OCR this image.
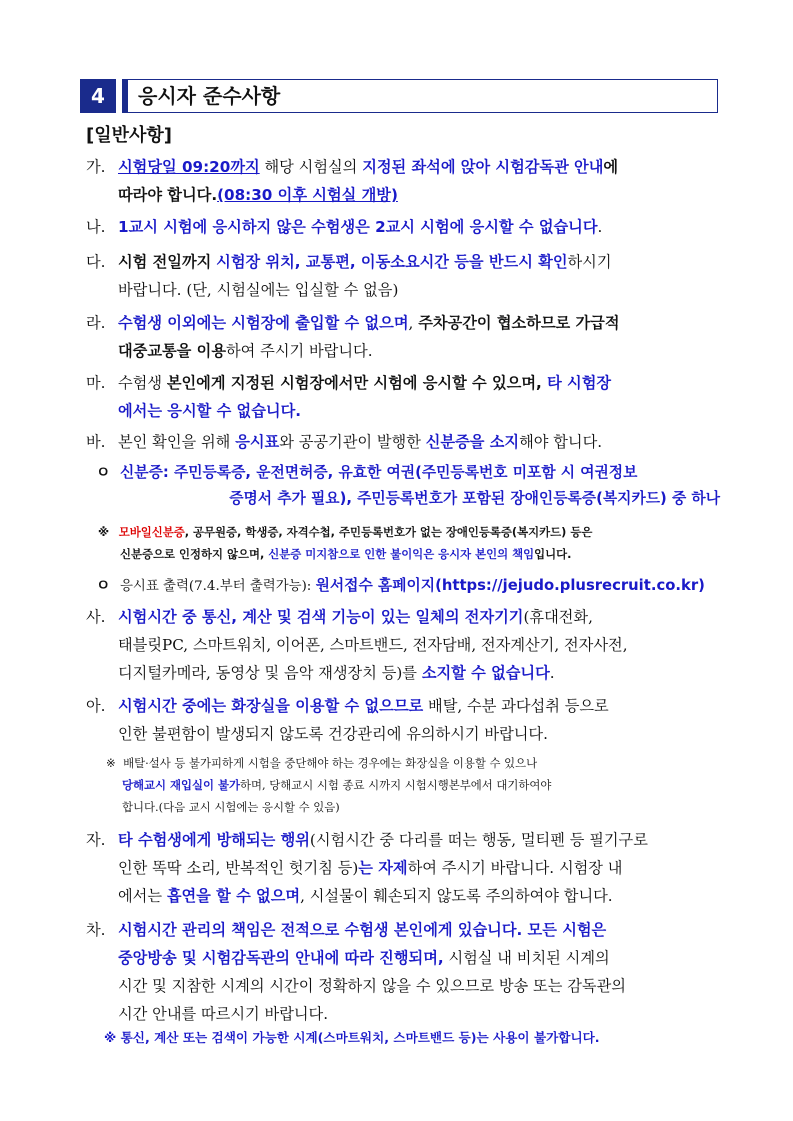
4	응시자 준수사항
[일반사항]
가. 시험당일 09:20까지 해당 시험실의 지정된 좌석에 앉아 시험감독관 안내에
따라야 합니다.(08:30 이후 시험실 개방)
나. 1교시 시험에 응시하지 않은 수험생은 2교시 시험에 응시할 수 없습니다.
다. 시험 전일까지 시험장 위치, 교통편, 이동소요시간 등을 반드시 확인하시기
바랍니다. (단, 시험실에는 입실할 수 없음)
라. 수험생 이외에는 시험장에 출입할 수 없으며, 주차공간이 협소하므로 가급적
대중교통을 이용하여 주시기 바랍니다.
마. 수험생 본인에게 지정된 시험장에서만 시험에 응시할 수 있으며, 타 시험장
에서는 응시할 수 없습니다.
바. 본인 확인을 위해 응시표와 공공기관이 발행한 신분증을 소지해야 합니다.
ㅇ 신분증: 주민등록증, 운전면허증, 유효한 여권(주민등록번호 미포함 시 여권정보
증명서 추가 필요), 주민등록번호가 포함된 장애인등록증(복지카드) 중 하나
※ 모바일신분증, 공무원증, 학생증, 자격수첩, 주민등록번호가 없는 장애인등록증(복지카드) 등은
신분증으로 인정하지 않으며, 신분증 미지참으로 인한 불이익은 응시자 본인의 책임입니다.
ㅇ 응시표 출력(7.4.부터 출력가능): 원서접수 홈페이지(https://jejudo.plusrecruit.co.kr)
사. 시험시간 중 통신, 계산 및 검색 기능이 있는 일체의 전자기기(휴대전화,
태블릿PC, 스마트워치, 이어폰, 스마트밴드, 전자담배, 전자계산기, 전자사전,
디지털카메라, 동영상 및 음악 재생장치 등)를 소지할 수 없습니다.
아. 시험시간 중에는 화장실을 이용할 수 없으므로 배탈, 수분 과다섭취 등으로
인한 불편함이 발생되지 않도록 건강관리에 유의하시기 바랍니다.
※ 배탈·설사 등 불가피하게 시험을 중단해야 하는 경우에는 화장실을 이용할 수 있으나
당해교시 재입실이 불가하며, 당해교시 시험 종료 시까지 시험시행본부에서 대기하여야
합니다.(다음 교시 시험에는 응시할 수 있음)
자. 타 수험생에게 방해되는 행위(시험시간 중 다리를 떠는 행동, 멀티펜 등 필기구로
인한 똑딱 소리, 반복적인 헛기침 등)는 자제하여 주시기 바랍니다. 시험장 내
에서는 흡연을 할 수 없으며, 시설물이 훼손되지 않도록 주의하여야 합니다.
차. 시험시간 관리의 책임은 전적으로 수험생 본인에게 있습니다. 모든 시험은
중앙방송 및 시험감독관의 안내에 따라 진행되며, 시험실 내 비치된 시계의
시간 및 지참한 시계의 시간이 정확하지 않을 수 있으므로 방송 또는 감독관의
시간 안내를 따르시기 바랍니다.
※ 통신, 계산 또는 검색이 가능한 시계(스마트워치, 스마트밴드 등)는 사용이 불가합니다.
